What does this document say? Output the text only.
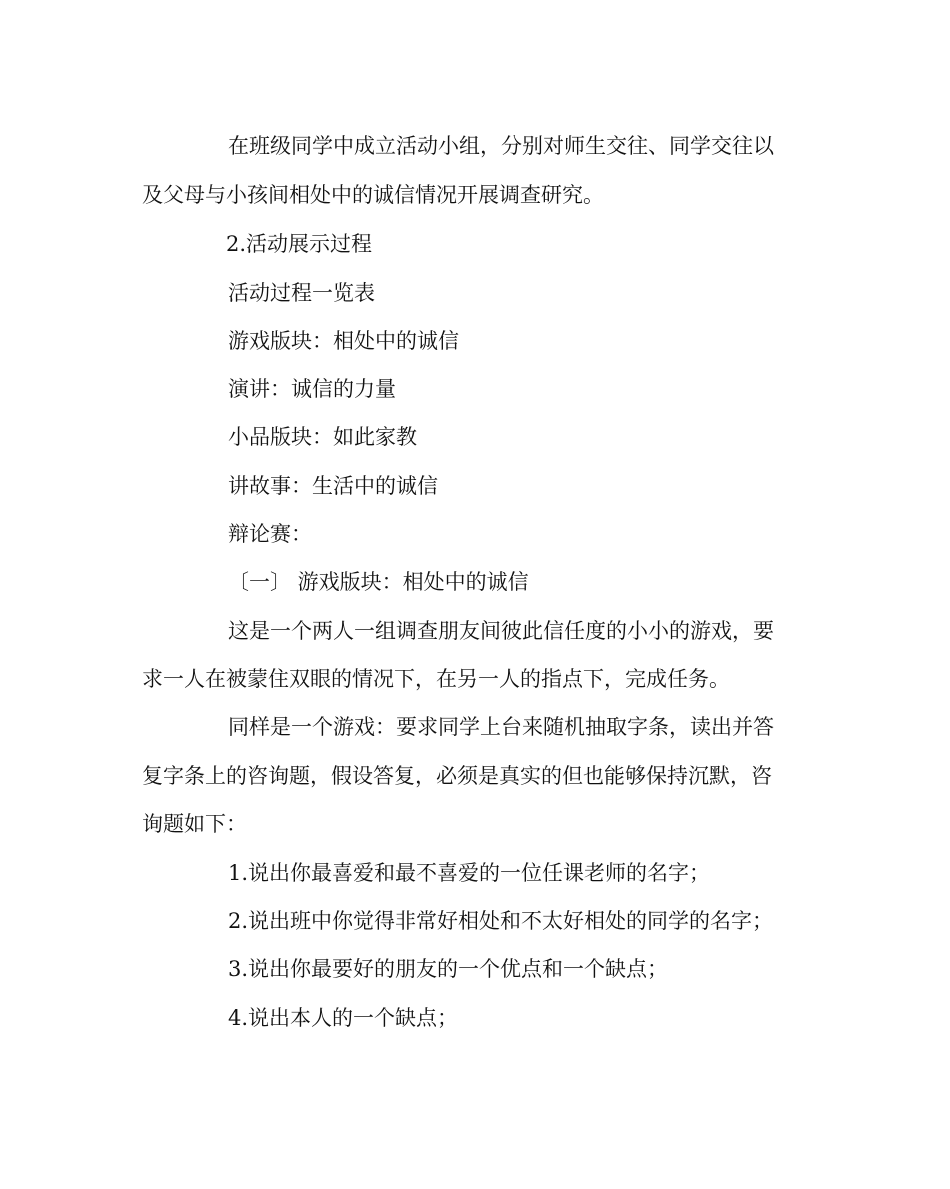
在班级同学中成立活动小组，分别对师生交往、同学交往以
及父母与小孩间相处中的诚信情况开展调查研究。
2.活动展示过程
活动过程一览表
游戏版块：相处中的诚信
演讲：诚信的力量
小品版块：如此家教
讲故事：生活中的诚信
辩论赛：
〔一〕 游戏版块：相处中的诚信
这是一个两人一组调查朋友间彼此信任度的小小的游戏，要
求一人在被蒙住双眼的情况下，在另一人的指点下，完成任务。
同样是一个游戏：要求同学上台来随机抽取字条，读出并答
复字条上的咨询题，假设答复，必须是真实的但也能够保持沉默，咨
询题如下：
1.说出你最喜爱和最不喜爱的一位任课老师的名字；
2.说出班中你觉得非常好相处和不太好相处的同学的名字；
3.说出你最要好的朋友的一个优点和一个缺点；
4.说出本人的一个缺点；
